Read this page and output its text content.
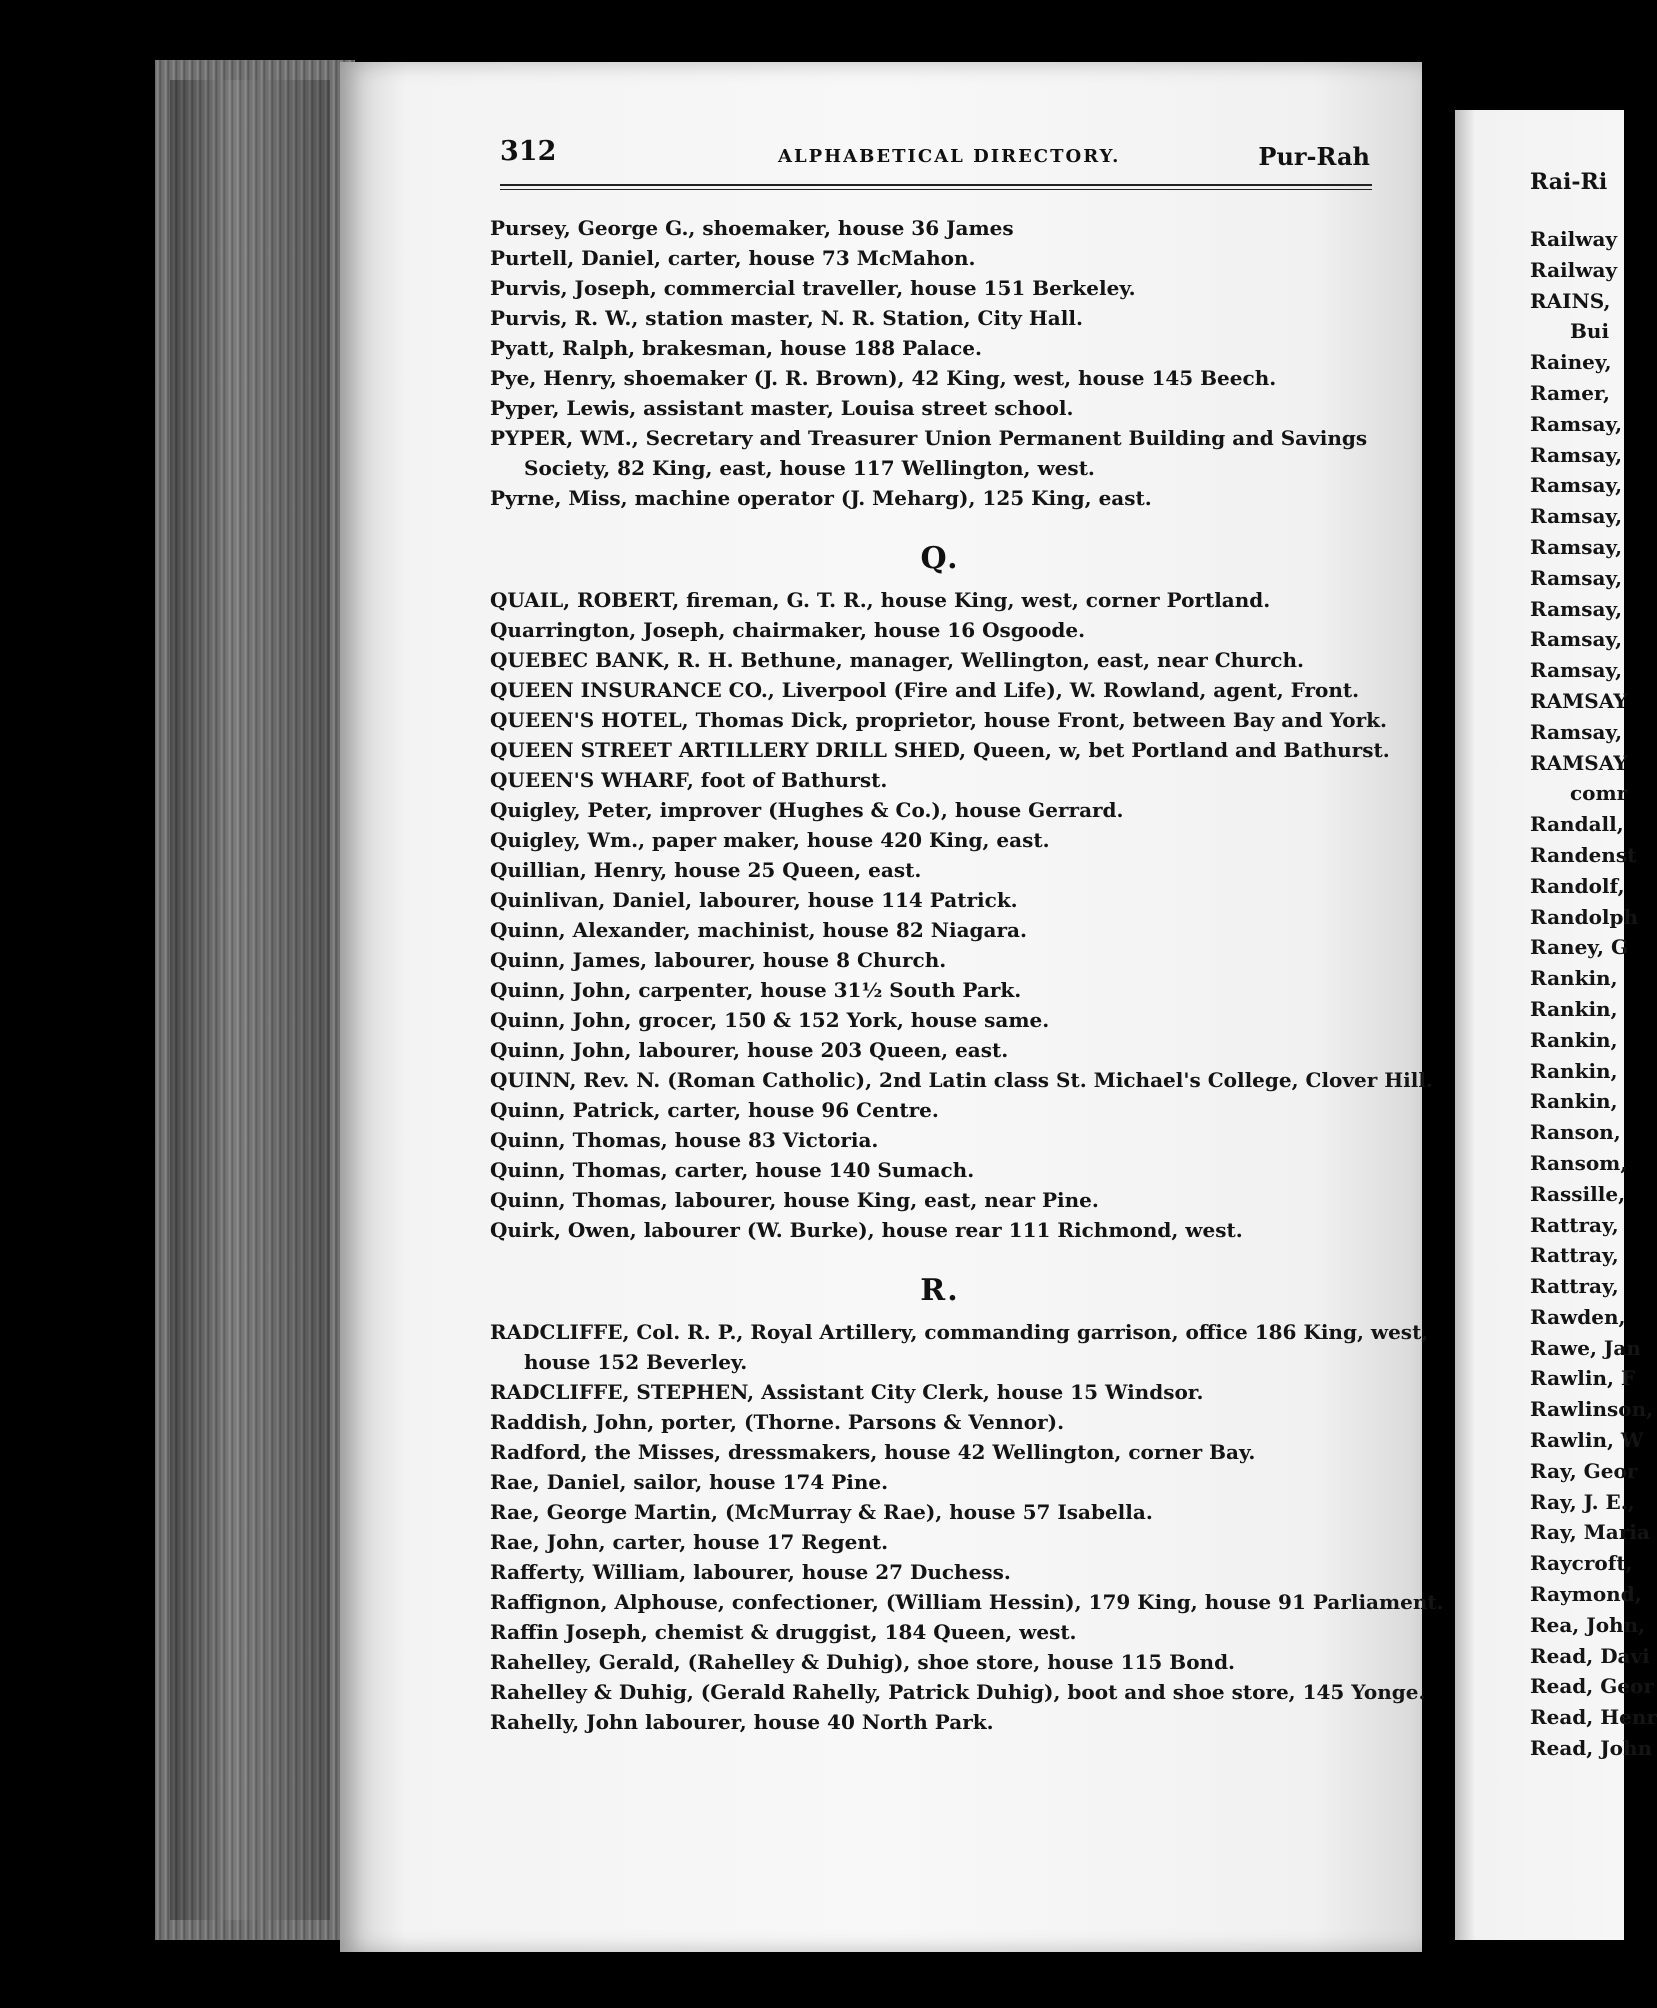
312	ALPHABETICAL DIRECTORY.	Pur-Rah
Pursey, George G., shoemaker, house 36 James
Purtell, Daniel, carter, house 73 McMahon.
Purvis, Joseph, commercial traveller, house 151 Berkeley.
Purvis, R. W., station master, N. R. Station, City Hall.
Pyatt, Ralph, brakesman, house 188 Palace.
Pye, Henry, shoemaker (J. R. Brown), 42 King, west, house 145 Beech.
Pyper, Lewis, assistant master, Louisa street school.
PYPER, WM., Secretary and Treasurer Union Permanent Building and Savings
Society, 82 King, east, house 117 Wellington, west.
Pyrne, Miss, machine operator (J. Meharg), 125 King, east.
Q.
QUAIL, ROBERT, fireman, G. T. R., house King, west, corner Portland.
Quarrington, Joseph, chairmaker, house 16 Osgoode.
QUEBEC BANK, R. H. Bethune, manager, Wellington, east, near Church.
QUEEN INSURANCE CO., Liverpool (Fire and Life), W. Rowland, agent, Front.
QUEEN'S HOTEL, Thomas Dick, proprietor, house Front, between Bay and York.
QUEEN STREET ARTILLERY DRILL SHED, Queen, w, bet Portland and Bathurst.
QUEEN'S WHARF, foot of Bathurst.
Quigley, Peter, improver (Hughes & Co.), house Gerrard.
Quigley, Wm., paper maker, house 420 King, east.
Quillian, Henry, house 25 Queen, east.
Quinlivan, Daniel, labourer, house 114 Patrick.
Quinn, Alexander, machinist, house 82 Niagara.
Quinn, James, labourer, house 8 Church.
Quinn, John, carpenter, house 31½ South Park.
Quinn, John, grocer, 150 & 152 York, house same.
Quinn, John, labourer, house 203 Queen, east.
QUINN, Rev. N. (Roman Catholic), 2nd Latin class St. Michael's College, Clover Hill.
Quinn, Patrick, carter, house 96 Centre.
Quinn, Thomas, house 83 Victoria.
Quinn, Thomas, carter, house 140 Sumach.
Quinn, Thomas, labourer, house King, east, near Pine.
Quirk, Owen, labourer (W. Burke), house rear 111 Richmond, west.
R.
RADCLIFFE, Col. R. P., Royal Artillery, commanding garrison, office 186 King, west,
house 152 Beverley.
RADCLIFFE, STEPHEN, Assistant City Clerk, house 15 Windsor.
Raddish, John, porter, (Thorne. Parsons & Vennor).
Radford, the Misses, dressmakers, house 42 Wellington, corner Bay.
Rae, Daniel, sailor, house 174 Pine.
Rae, George Martin, (McMurray & Rae), house 57 Isabella.
Rae, John, carter, house 17 Regent.
Rafferty, William, labourer, house 27 Duchess.
Raffignon, Alphouse, confectioner, (William Hessin), 179 King, house 91 Parliament.
Raffin Joseph, chemist & druggist, 184 Queen, west.
Rahelley, Gerald, (Rahelley & Duhig), shoe store, house 115 Bond.
Rahelley & Duhig, (Gerald Rahelly, Patrick Duhig), boot and shoe store, 145 Yonge.
Rahelly, John labourer, house 40 North Park.
Rai-Ri
Railway
Railway
RAINS,
Bui
Rainey,
Ramer,
Ramsay,
Ramsay,
Ramsay,
Ramsay,
Ramsay,
Ramsay,
Ramsay,
Ramsay,
Ramsay,
RAMSAY
Ramsay,
RAMSAY
comr
Randall,
Randenst
Randolf,
Randolph
Raney, G
Rankin,
Rankin,
Rankin,
Rankin,
Rankin,
Ranson,
Ransom,
Rassille,
Rattray,
Rattray,
Rattray,
Rawden,
Rawe, Jan
Rawlin, F
Rawlinson,
Rawlin, W
Ray, Geor
Ray, J. E.,
Ray, Maria
Raycroft,
Raymond,
Rea, John,
Read, Davi
Read, Geor
Read, Henr
Read, John
